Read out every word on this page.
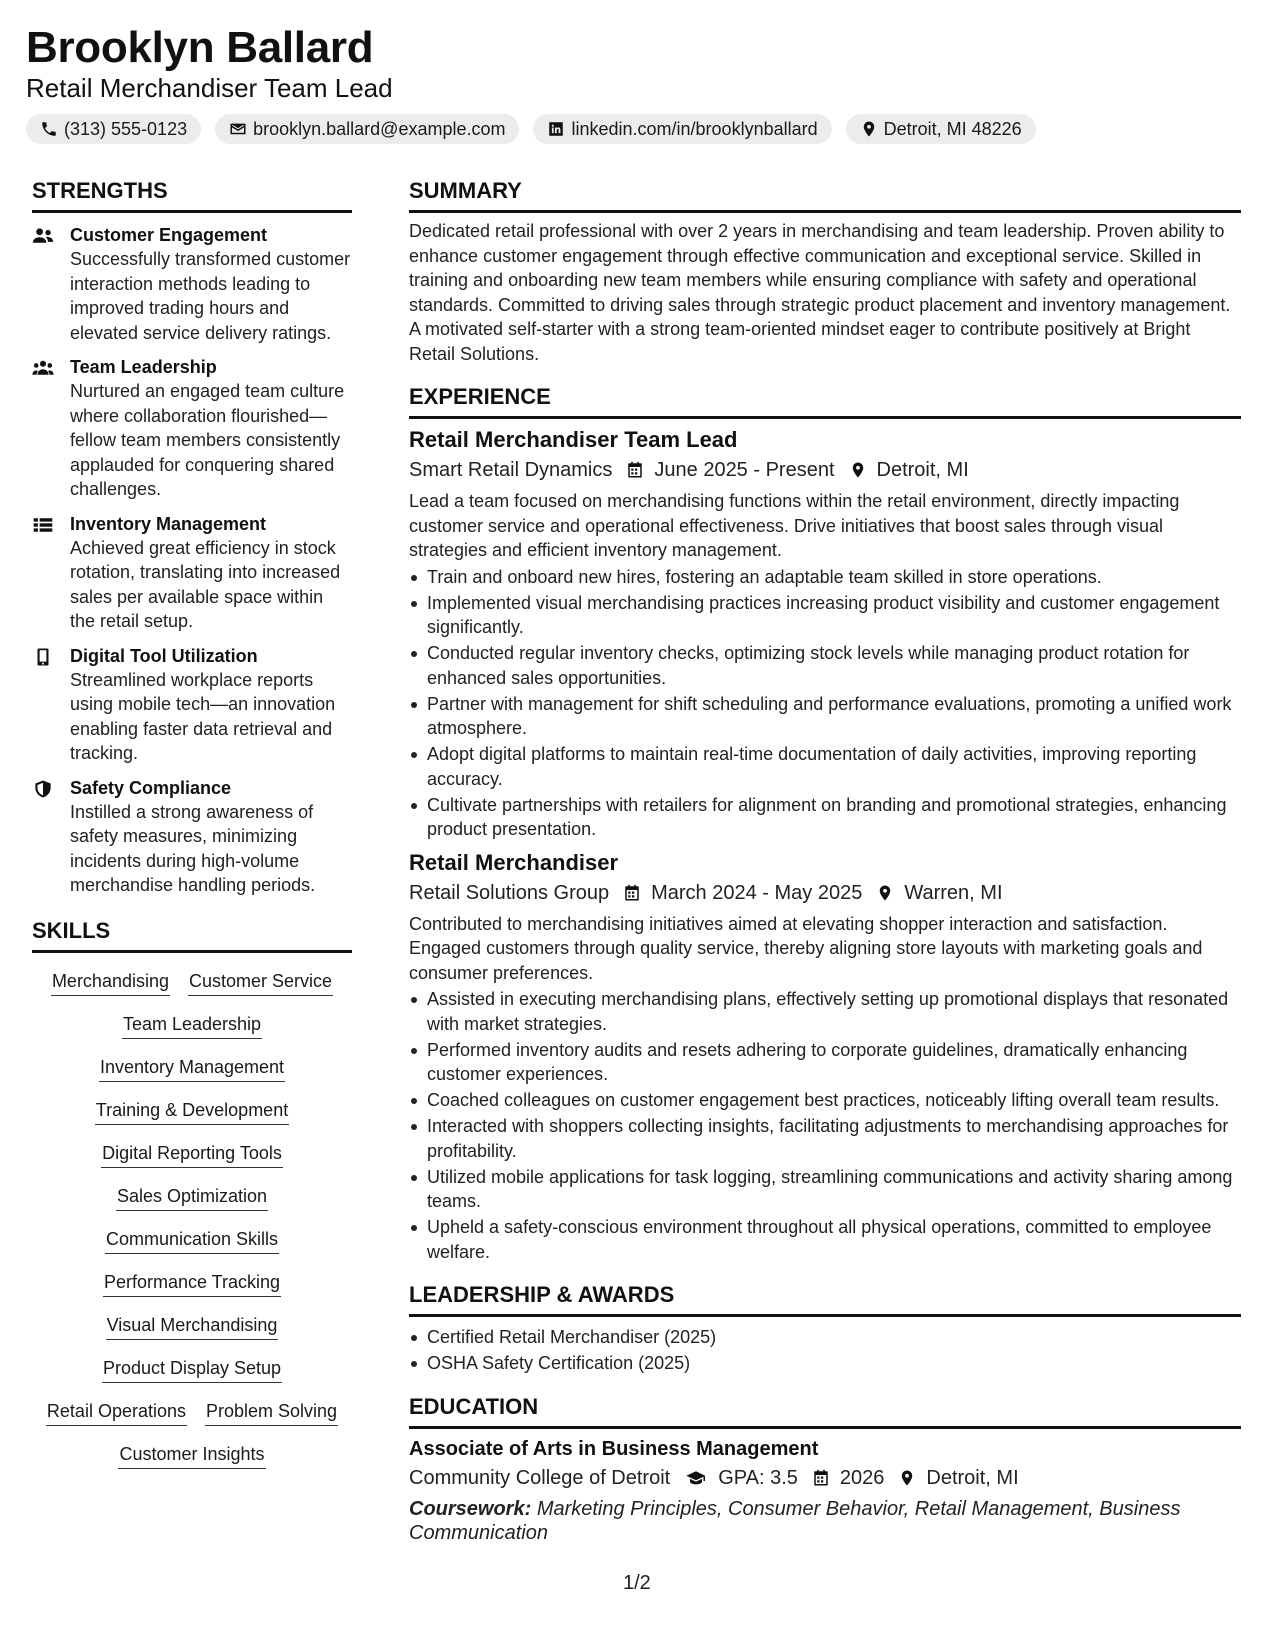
Brooklyn Ballard
Retail Merchandiser Team Lead
(313) 555-0123	brooklyn.ballard@example.com	linkedin.com/in/brooklynballard	Detroit, MI 48226
STRENGTHS
Customer Engagement
Successfully transformed customer interaction methods leading to improved trading hours and elevated service delivery ratings.
Team Leadership
Nurtured an engaged team culture where collaboration flourished—fellow team members consistently applauded for conquering shared challenges.
Inventory Management
Achieved great efficiency in stock rotation, translating into increased sales per available space within the retail setup.
Digital Tool Utilization
Streamlined workplace reports using mobile tech—an innovation enabling faster data retrieval and tracking.
Safety Compliance
Instilled a strong awareness of safety measures, minimizing incidents during high-volume merchandise handling periods.
SKILLS
Merchandising Customer Service
Team Leadership
Inventory Management
Training & Development
Digital Reporting Tools
Sales Optimization
Communication Skills
Performance Tracking
Visual Merchandising
Product Display Setup
Retail Operations Problem Solving
Customer Insights
SUMMARY
Dedicated retail professional with over 2 years in merchandising and team leadership. Proven ability to enhance customer engagement through effective communication and exceptional service. Skilled in training and onboarding new team members while ensuring compliance with safety and operational standards. Committed to driving sales through strategic product placement and inventory management. A motivated self-starter with a strong team-oriented mindset eager to contribute positively at Bright Retail Solutions.
EXPERIENCE
Retail Merchandiser Team Lead
Smart Retail Dynamics June 2025 - Present Detroit, MI
Lead a team focused on merchandising functions within the retail environment, directly impacting customer service and operational effectiveness. Drive initiatives that boost sales through visual strategies and efficient inventory management.
Train and onboard new hires, fostering an adaptable team skilled in store operations.
Implemented visual merchandising practices increasing product visibility and customer engagement significantly.
Conducted regular inventory checks, optimizing stock levels while managing product rotation for enhanced sales opportunities.
Partner with management for shift scheduling and performance evaluations, promoting a unified work atmosphere.
Adopt digital platforms to maintain real-time documentation of daily activities, improving reporting accuracy.
Cultivate partnerships with retailers for alignment on branding and promotional strategies, enhancing product presentation.
Retail Merchandiser
Retail Solutions Group March 2024 - May 2025 Warren, MI
Contributed to merchandising initiatives aimed at elevating shopper interaction and satisfaction. Engaged customers through quality service, thereby aligning store layouts with marketing goals and consumer preferences.
Assisted in executing merchandising plans, effectively setting up promotional displays that resonated with market strategies.
Performed inventory audits and resets adhering to corporate guidelines, dramatically enhancing customer experiences.
Coached colleagues on customer engagement best practices, noticeably lifting overall team results.
Interacted with shoppers collecting insights, facilitating adjustments to merchandising approaches for profitability.
Utilized mobile applications for task logging, streamlining communications and activity sharing among teams.
Upheld a safety-conscious environment throughout all physical operations, committed to employee welfare.
LEADERSHIP & AWARDS
Certified Retail Merchandiser (2025)
OSHA Safety Certification (2025)
EDUCATION
Associate of Arts in Business Management
Community College of Detroit GPA: 3.5 2026 Detroit, MI
Coursework: Marketing Principles, Consumer Behavior, Retail Management, Business Communication
1/2
